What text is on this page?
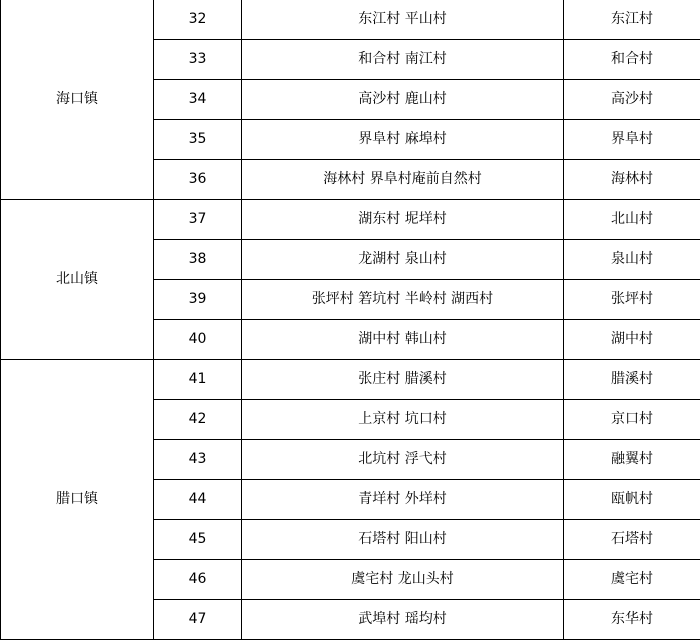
海口镇	32	东江村 平山村	东江村
	33	和合村 南江村	和合村
	34	高沙村 鹿山村	高沙村
	35	界阜村 麻埠村	界阜村
	36	海林村 界阜村庵前自然村	海林村
北山镇	37	湖东村 坭垟村	北山村
	38	龙湖村 泉山村	泉山村
	39	张坪村 箬坑村 半岭村 湖西村	张坪村
	40	湖中村 韩山村	湖中村
腊口镇	41	张庄村 腊溪村	腊溪村
	42	上京村 坑口村	京口村
	43	北坑村 浮弋村	融翼村
	44	青垟村 外垟村	瓯帆村
	45	石塔村 阳山村	石塔村
	46	虞宅村 龙山头村	虞宅村
	47	武埠村 瑶均村	东华村
